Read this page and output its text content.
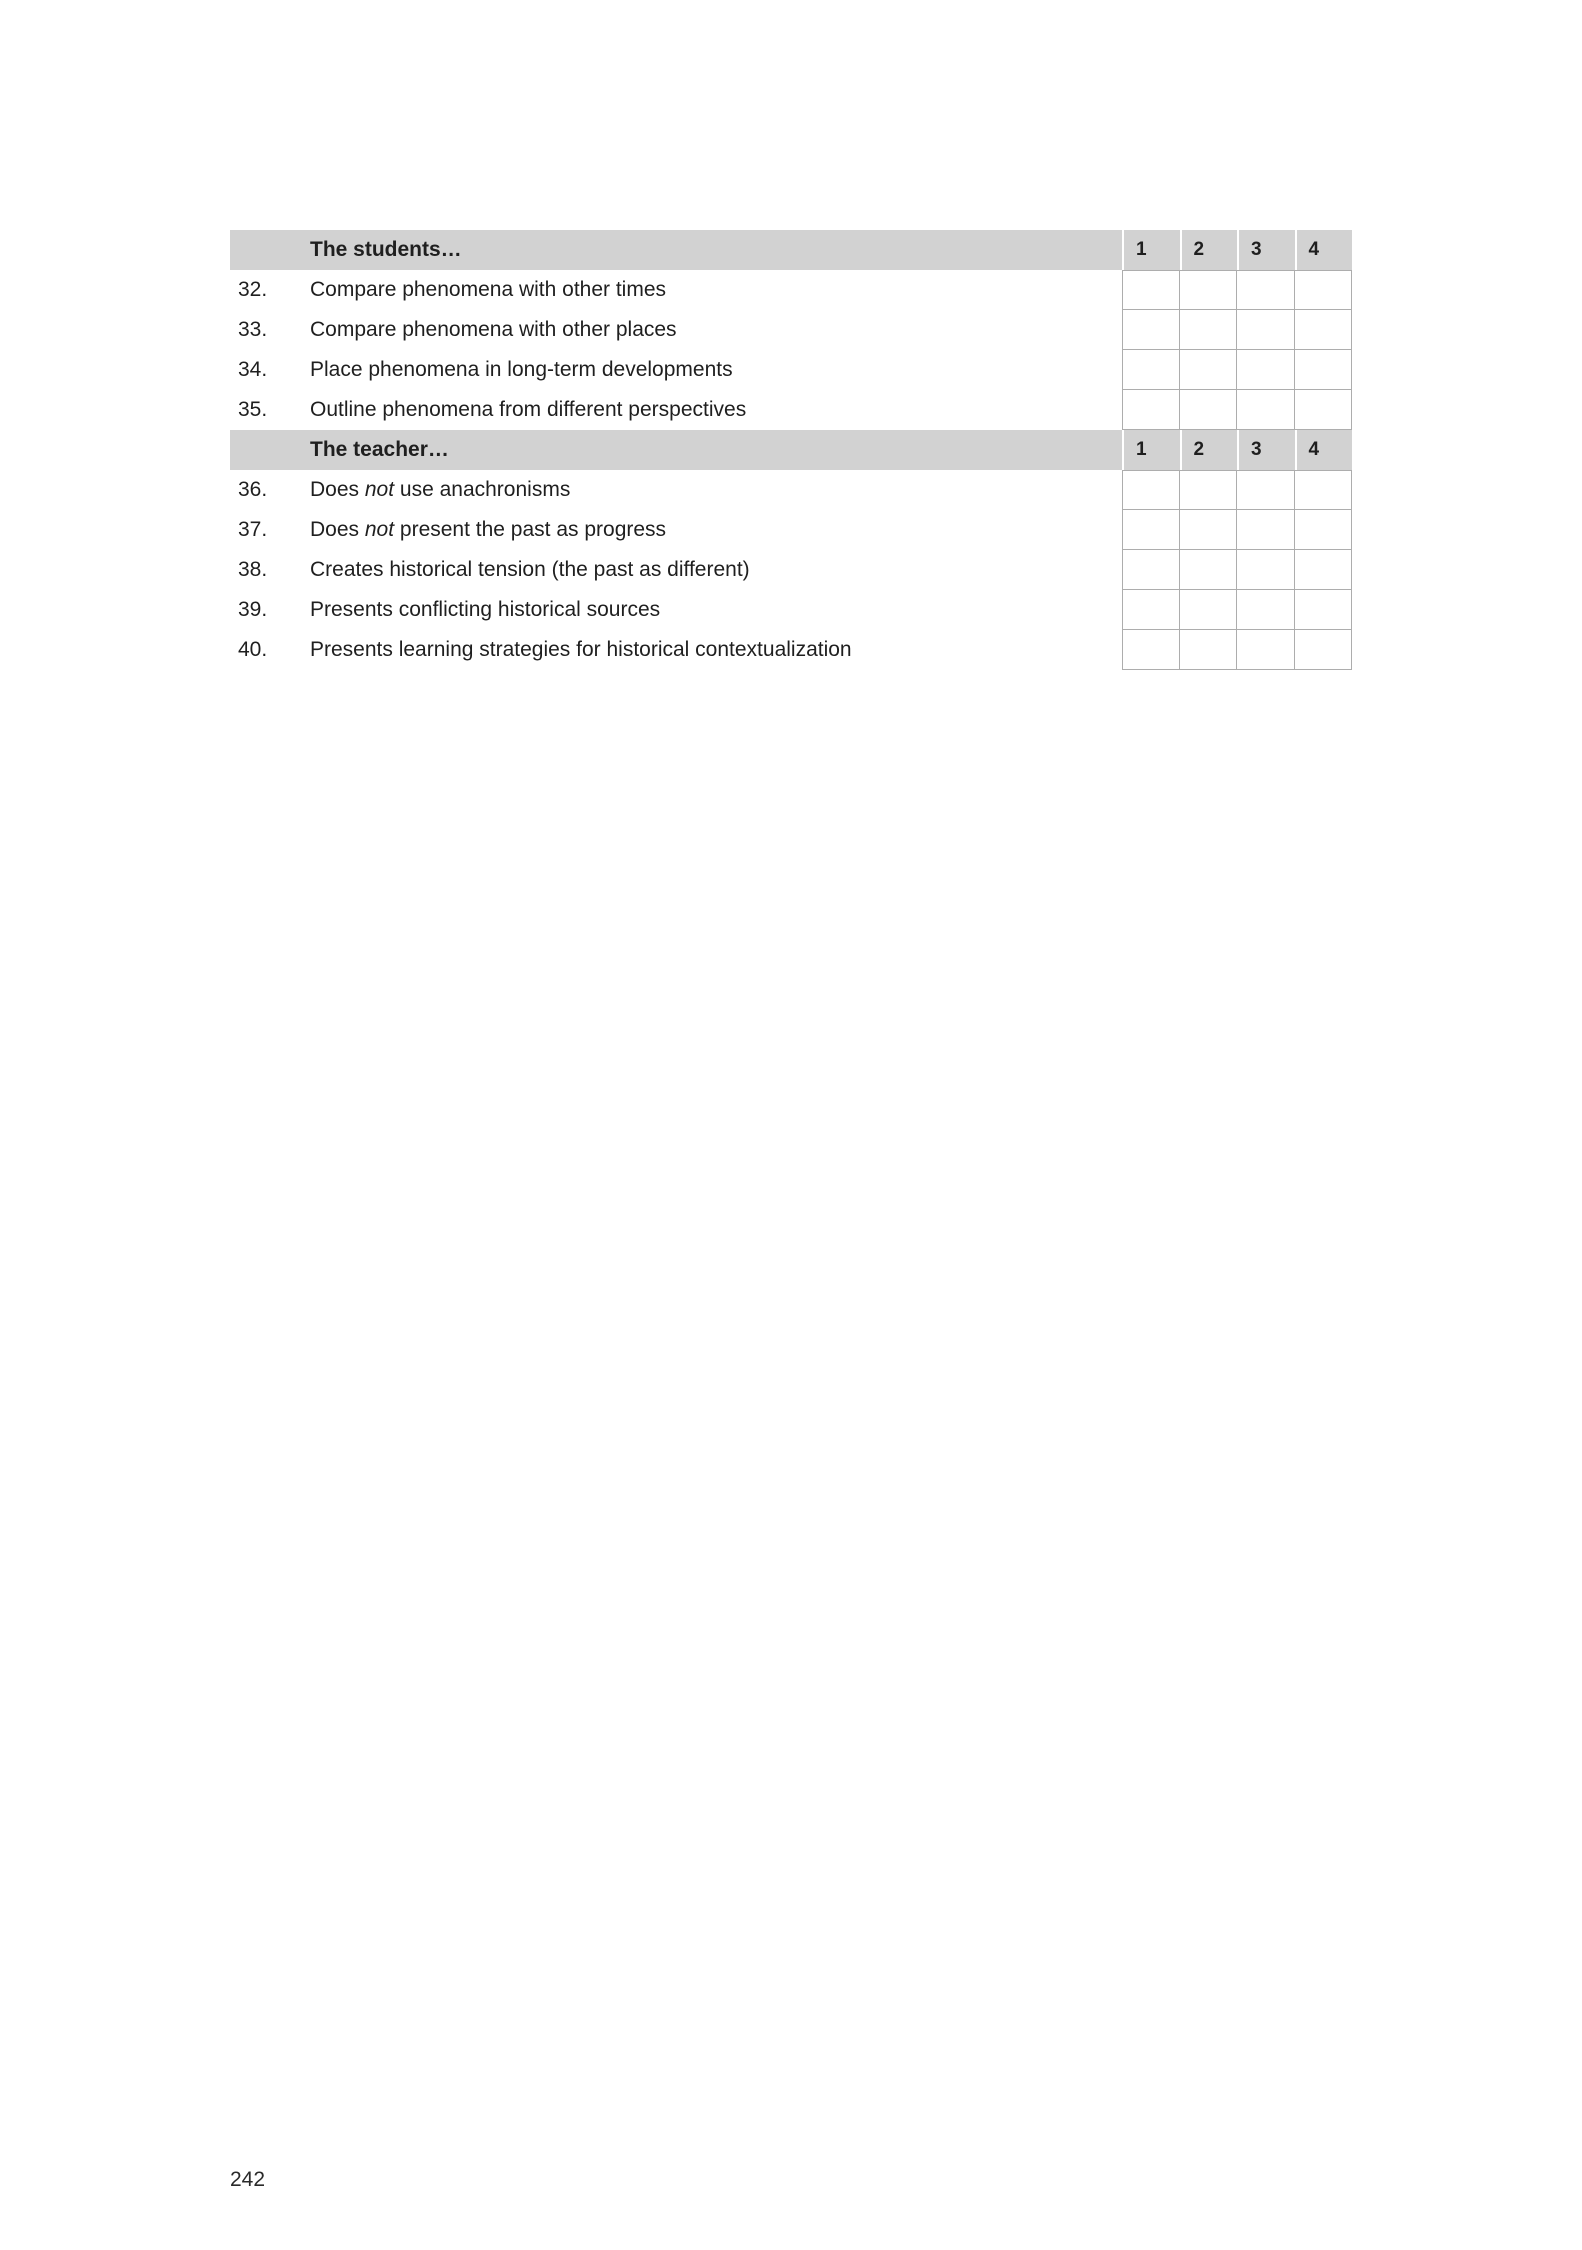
The students…	1	2	3	4
32.	Compare phenomena with other times
33.	Compare phenomena with other places
34.	Place phenomena in long-term developments
35.	Outline phenomena from different perspectives
The teacher…	1	2	3	4
36.	Does not use anachronisms
37.	Does not present the past as progress
38.	Creates historical tension (the past as different)
39.	Presents conflicting historical sources
40.	Presents learning strategies for historical contextualization
242
